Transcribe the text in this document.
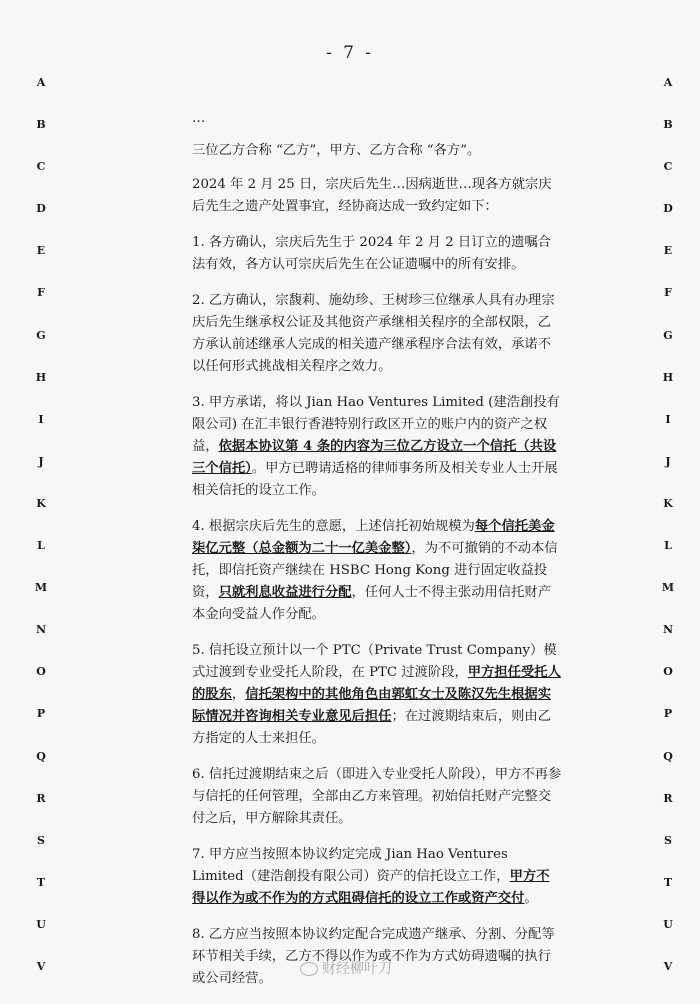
- 7 -
A
B
C
D
E
F
G
H
I
J
K
L
M
N
O
P
Q
R
S
T
U
V
A
B
C
D
E
F
G
H
I
J
K
L
M
N
O
P
Q
R
S
T
U
V

…

三位乙方合称 “乙方”，甲方、乙方合称 “各方”。

2024 年 2 月 25 日，宗庆后先生…因病逝世…现各方就宗庆后先生之遗产处置事宜，经协商达成一致约定如下：

1. 各方确认，宗庆后先生于 2024 年 2 月 2 日订立的遗嘱合法有效，各方认可宗庆后先生在公证遗嘱中的所有安排。

2. 乙方确认，宗馥莉、施幼珍、王树珍三位继承人具有办理宗庆后先生继承权公证及其他资产承继相关程序的全部权限，乙方承认前述继承人完成的相关遗产继承程序合法有效，承诺不以任何形式挑战相关程序之效力。

3. 甲方承诺，将以 Jian Hao Ventures Limited (建浩創投有限公司) 在汇丰银行香港特别行政区开立的账户内的资产之权益，依据本协议第 4 条的内容为三位乙方设立一个信托（共设三个信托）。甲方已聘请适格的律师事务所及相关专业人士开展相关信托的设立工作。

4. 根据宗庆后先生的意愿，上述信托初始规模为每个信托美金柒亿元整（总金额为二十一亿美金整），为不可撤销的不动本信托，即信托资产继续在 HSBC Hong Kong 进行固定收益投资，只就利息收益进行分配，任何人士不得主张动用信托财产本金向受益人作分配。

5. 信托设立预计以一个 PTC（Private Trust Company）模式过渡到专业受托人阶段，在 PTC 过渡阶段，甲方担任受托人的股东，信托架构中的其他角色由郭虹女士及陈汉先生根据实际情况并咨询相关专业意见后担任；在过渡期结束后，则由乙方指定的人士来担任。

6. 信托过渡期结束之后（即进入专业受托人阶段），甲方不再参与信托的任何管理，全部由乙方来管理。初始信托财产完整交付之后，甲方解除其责任。

7. 甲方应当按照本协议约定完成 Jian Hao Ventures Limited（建浩創投有限公司）资产的信托设立工作，甲方不得以作为或不作为的方式阻碍信托的设立工作或资产交付。

8. 乙方应当按照本协议约定配合完成遗产继承、分割、分配等环节相关手续，乙方不得以作为或不作为方式妨碍遗嘱的执行或公司经营。

财经柳叶刀
